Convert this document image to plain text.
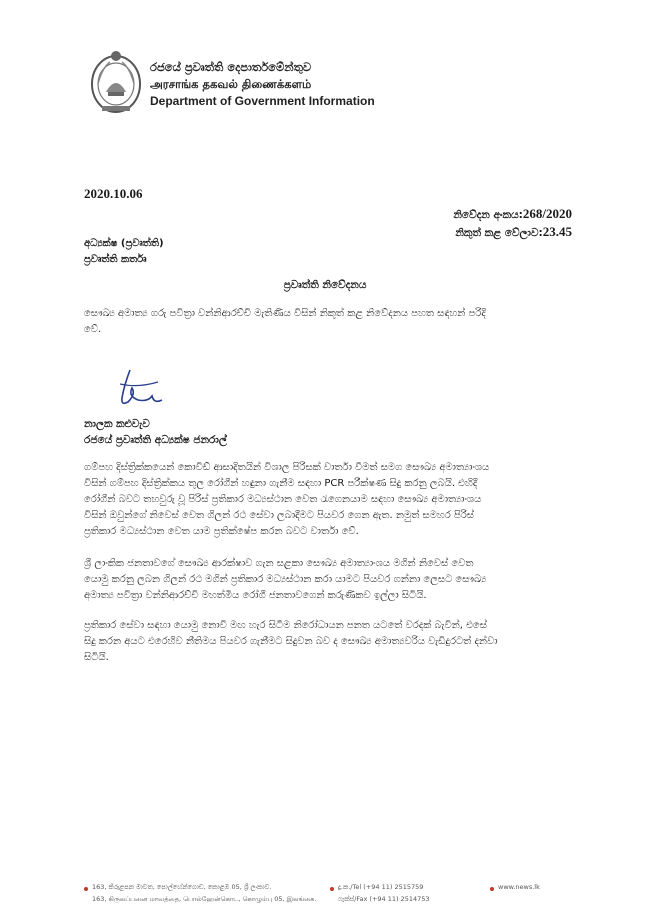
රජයේ ප්‍රවෘත්ති දෙපාර්තමේන්තුව
அரசாங்க தகவல் திணைக்களம்
Department of Government Information
2020.10.06
නිවේදන අංකය:268/2020
නිකුත් කළ වේලාව:23.45
අධ්‍යක්ෂ (ප්‍රවෘත්ති)
ප්‍රවෘත්ති කර්තෘ
ප්‍රවෘත්ති නිවේදනය
සෞඛ්‍ය අමාත්‍ය ගරු පවිත්‍රා වන්නිආරච්චි මැතිණිය විසින් නිකුත් කළ නිවේදනය පහත සඳහන් පරිදි
වේ.
නාලක කළුවැව
රජයේ ප්‍රවෘත්ති අධ්‍යක්ෂ ජනරාල්
ගම්පහ දිස්ත්‍රික්කයෙන් කොවිඩ් ආසාදිතයින් විශාල පිරිසක් වාර්තා වීමත් සමග සෞඛ්‍ය අමාත්‍යාංශය
විසින් ගම්පහ දිස්ත්‍රික්කය තුල රෝගීන් හඳුනා ගැනීම සඳහා PCR පරීක්ෂණ සිදු කරනු ලබයි. එහිදී
රෝගීන් බවට තහවුරු වූ පිරිස් ප්‍රතිකාර මධ්‍යස්ථාන වෙත රැගෙනයාම සඳහා සෞඛ්‍ය අමාත්‍යාංශය
විසින් ඔවුන්ගේ නිවෙස් වෙත ගිලන් රථ සේවා ලබාදීමට පියවර ගෙන ඇත. නමුත් සමහර පිරිස්
ප්‍රතිකාර මධ්‍යස්ථාන වෙත යාම ප්‍රතික්ෂේප කරන බවට වාර්තා වේ.
ශ්‍රී ලාංකික ජනතාවගේ සෞඛ්‍ය ආරක්ෂාව ගැන සළකා සෞඛ්‍ය අමාත්‍යාංශය මගින් නිවෙස් වෙත
යොමු කරනු ලබන ගිලන් රථ මගින් ප්‍රතිකාර මධ්‍යස්ථාන කරා යාමට පියවර ගන්නා ලෙසට සෞඛ්‍ය
අමාත්‍ය පවිත්‍රා වන්නිආරච්චි මහත්මිය රෝගී ජනතාවගෙන් කරුණිකව ඉල්ලා සිටියි.
ප්‍රතිකාර සේවා සඳහා යොමු නොවී මඟ හැර සිටීම නිරෝධායන පනත යටතේ වරදක් බැවින්, එසේ
සිදු කරන අයට එරෙහිව නීතිමය පියවර ගැනීමට සිදුවන බව ද සෞඛ්‍ය අමාත්‍යවරිය වැඩිදුරටත් දන්වා
සිටියි.
163, කිරුළපන මාවත, පොල්හේන්ගොඩ, කොළඹ 05, ශ්‍රී ලංකාව.
163, கிருலப்பனை மாவத்தை, பொல்ஹேன்கொட, கொழும்பு 05, இலங்கை.
දු.ක./Tel (+94 11) 2515759
ෆැක්ස්/Fax (+94 11) 2514753
www.news.lk
